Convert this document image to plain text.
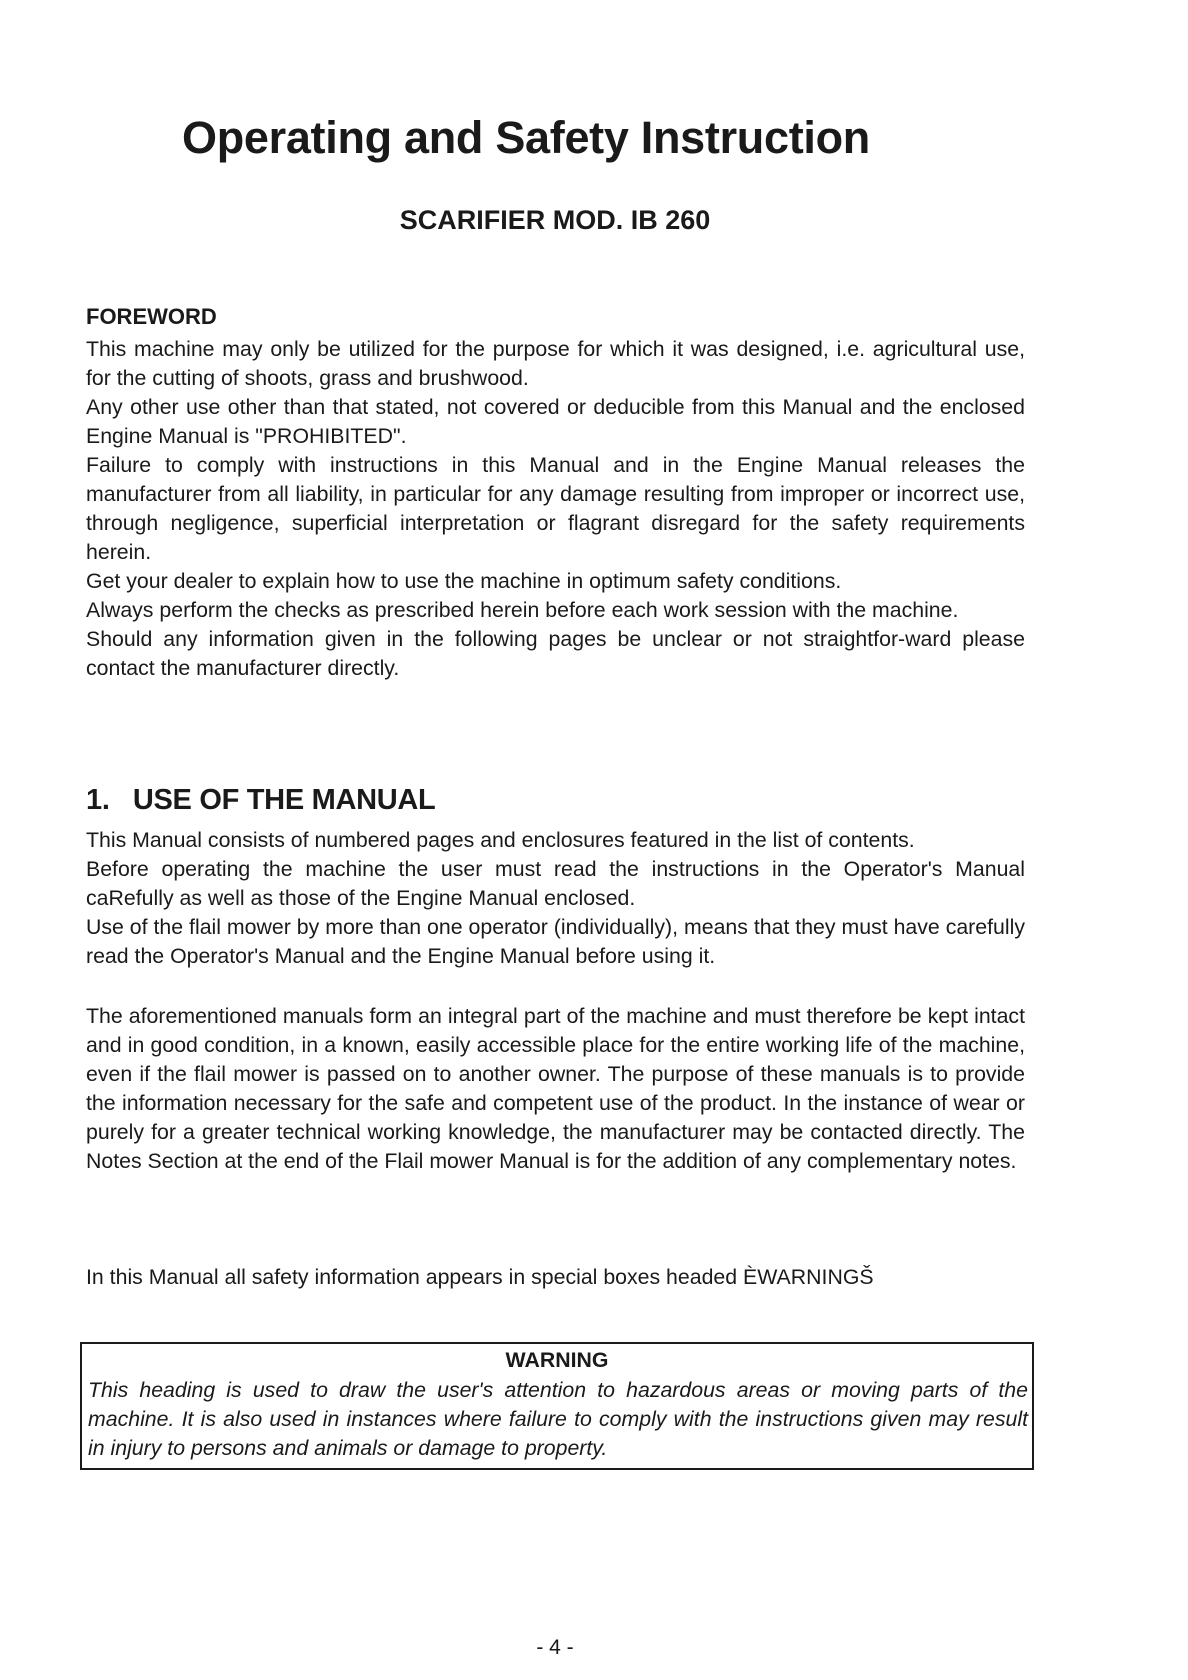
Operating and Safety Instruction
SCARIFIER MOD. IB 260
FOREWORD

This machine may only be utilized for the purpose for which it was designed, i.e. agricultural use, for the cutting of shoots, grass and brushwood.

Any other use other than that stated, not covered or deducible from this Manual and the enclosed Engine Manual is "PROHIBITED".

Failure to comply with instructions in this Manual and in the Engine Manual releases the manufacturer from all liability, in particular for any damage resulting from improper or incorrect use, through negligence, superficial interpretation or flagrant disregard for the safety requirements herein.

Get your dealer to explain how to use the machine in optimum safety conditions.

Always perform the checks as prescribed herein before each work session with the machine.

Should any information given in the following pages be unclear or not straightfor-ward please contact the manufacturer directly.

1.   USE OF THE MANUAL

This Manual consists of numbered pages and enclosures featured in the list of contents.

Before operating the machine the user must read the instructions in the Operator's Manual caRefully as well as those of the Engine Manual enclosed.

Use of the flail mower by more than one operator (individually), means that they must have carefully read the Operator's Manual and the Engine Manual before using it.

The aforementioned manuals form an integral part of the machine and must therefore be kept intact and in good condition, in a known, easily accessible place for the entire working life of the machine, even if the flail mower is passed on to another owner. The purpose of these manuals is to provide the information necessary for the safe and competent use of the product. In the instance of wear or purely for a greater technical working knowledge, the manufacturer may be contacted directly. The Notes Section at the end of the Flail mower Manual is for the addition of any complementary notes.

In this Manual all safety information appears in special boxes headed ÈWARNINGŠ

WARNING

This heading is used to draw the user's attention to hazardous areas or moving parts of the machine. It is also used in instances where failure to comply with the instructions given may result in injury to persons and animals or damage to property.

- 4 -
